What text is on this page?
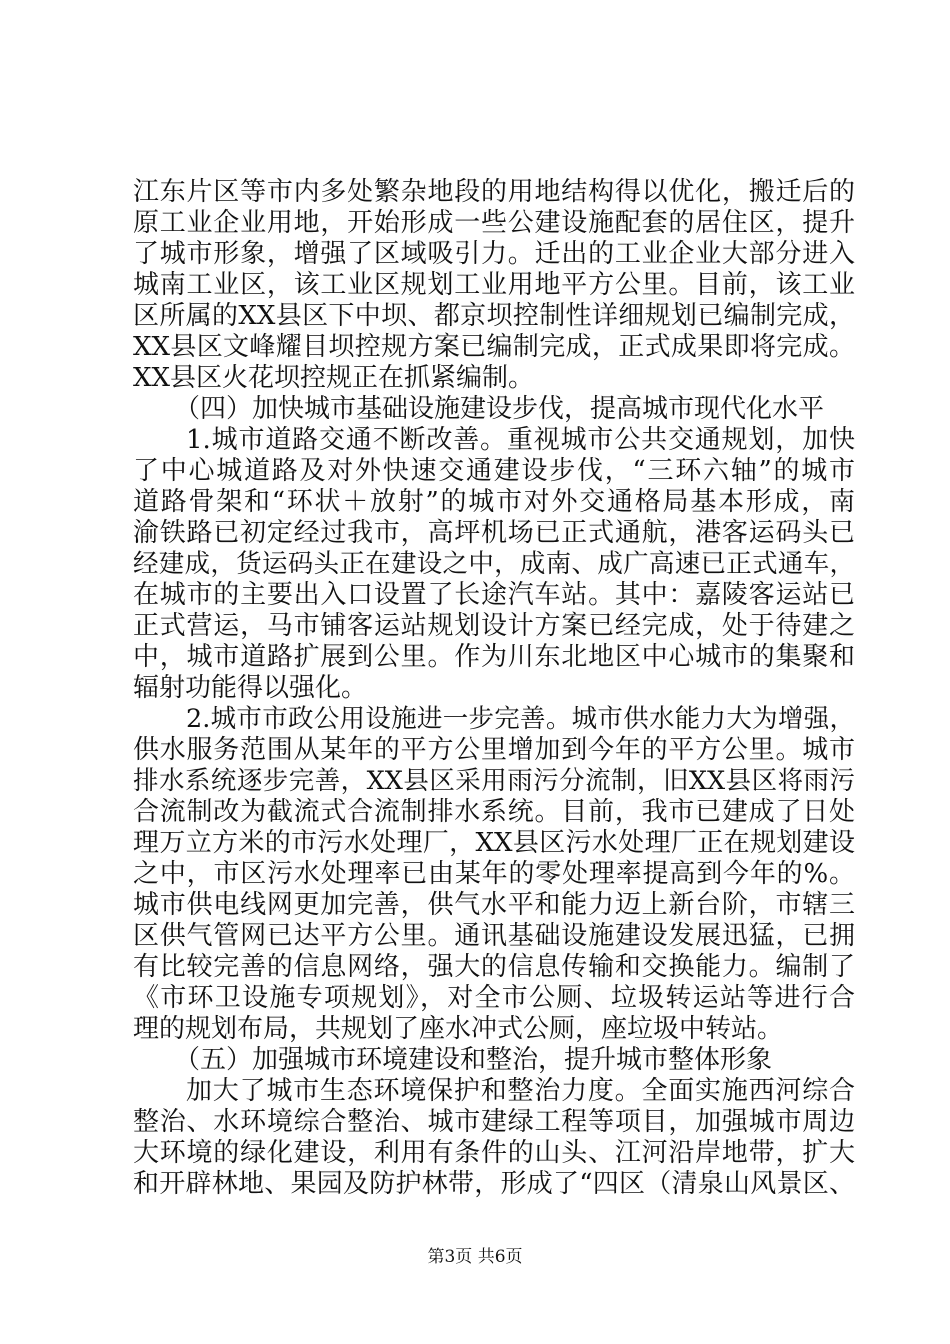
江东片区等市内多处繁杂地段的用地结构得以优化，搬迁后的
原工业企业用地，开始形成一些公建设施配套的居住区，提升
了城市形象，增强了区域吸引力。迁出的工业企业大部分进入
城南工业区，该工业区规划工业用地平方公里。目前，该工业
区所属的XX县区下中坝、都京坝控制性详细规划已编制完成，
XX县区文峰耀目坝控规方案已编制完成，正式成果即将完成。
XX县区火花坝控规正在抓紧编制。
（四）加快城市基础设施建设步伐，提高城市现代化水平
1.城市道路交通不断改善。重视城市公共交通规划，加快
了中心城道路及对外快速交通建设步伐，“三环六轴”的城市
道路骨架和“环状＋放射”的城市对外交通格局基本形成，南
渝铁路已初定经过我市，高坪机场已正式通航，港客运码头已
经建成，货运码头正在建设之中，成南、成广高速已正式通车，
在城市的主要出入口设置了长途汽车站。其中：嘉陵客运站已
正式营运，马市铺客运站规划设计方案已经完成，处于待建之
中，城市道路扩展到公里。作为川东北地区中心城市的集聚和
辐射功能得以强化。
2.城市市政公用设施进一步完善。城市供水能力大为增强，
供水服务范围从某年的平方公里增加到今年的平方公里。城市
排水系统逐步完善，XX县区采用雨污分流制，旧XX县区将雨污
合流制改为截流式合流制排水系统。目前，我市已建成了日处
理万立方米的市污水处理厂，XX县区污水处理厂正在规划建设
之中，市区污水处理率已由某年的零处理率提高到今年的%。
城市供电线网更加完善，供气水平和能力迈上新台阶，市辖三
区供气管网已达平方公里。通讯基础设施建设发展迅猛，已拥
有比较完善的信息网络，强大的信息传输和交换能力。编制了
《市环卫设施专项规划》，对全市公厕、垃圾转运站等进行合
理的规划布局，共规划了座水冲式公厕，座垃圾中转站。
（五）加强城市环境建设和整治，提升城市整体形象
加大了城市生态环境保护和整治力度。全面实施西河综合
整治、水环境综合整治、城市建绿工程等项目，加强城市周边
大环境的绿化建设，利用有条件的山头、江河沿岸地带，扩大
和开辟林地、果园及防护林带，形成了“四区（清泉山风景区、
第3页 共6页
